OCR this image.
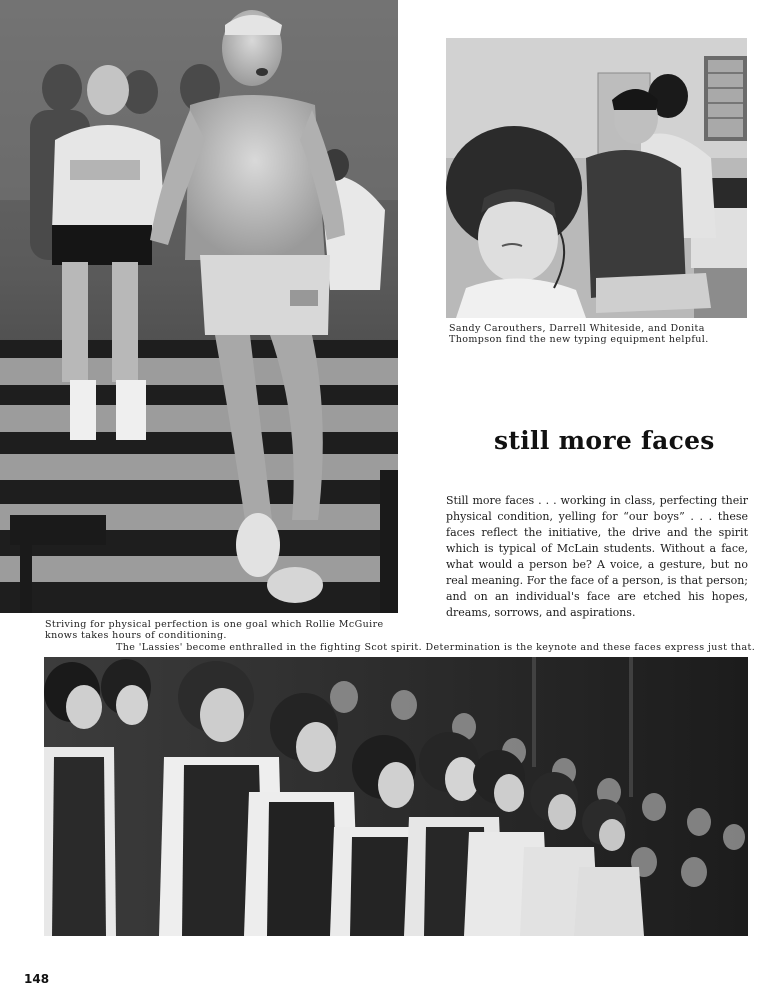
Sandy Carouthers, Darrell Whiteside, and Donita Thompson find the new typing equipment helpful.
still more faces

Still more faces . . . working in class, perfecting their physical condition, yelling for “our boys” . . . these faces reflect the initiative, the drive and the spirit which is typical of McLain students. Without a face, what would a person be? A voice, a gesture, but no real meaning. For the face of a person, is that person; and on an individual's face are etched his hopes, dreams, sorrows, and aspirations.

Striving for physical perfection is one goal which Rollie McGuire knows takes hours of conditioning.
The 'Lassies' become enthralled in the fighting Scot spirit. Determination is the keynote and these faces express just that.
148
